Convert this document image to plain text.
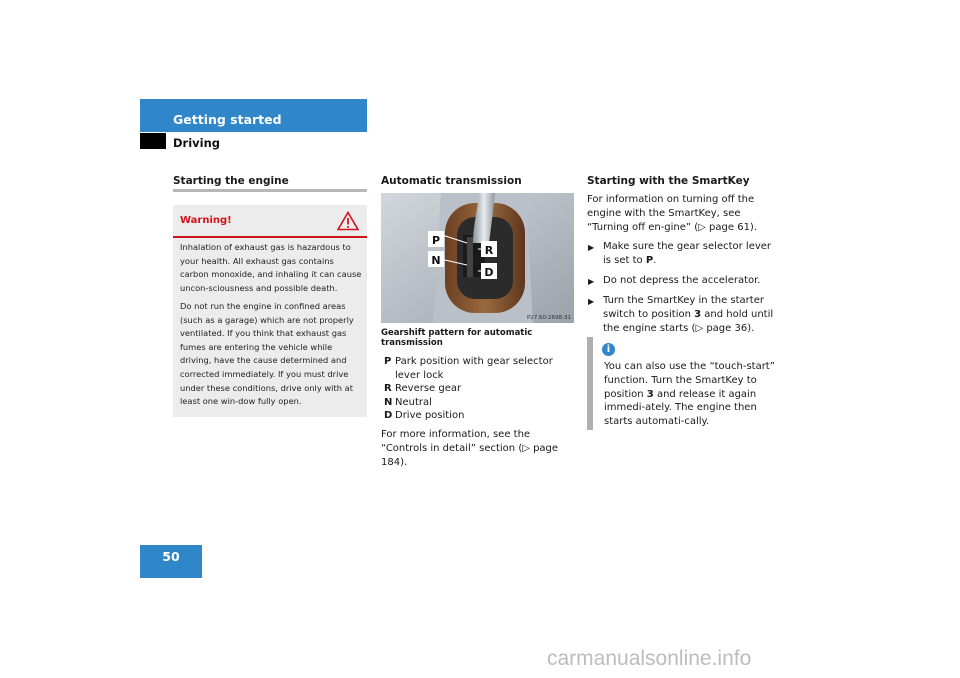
Getting started
Driving
Starting the engine
Warning!
Inhalation of exhaust gas is hazardous to your health. All exhaust gas contains carbon monoxide, and inhaling it can cause uncon-sciousness and possible death.
Do not run the engine in confined areas (such as a garage) which are not properly ventilated. If you think that exhaust gas fumes are entering the vehicle while driving, have the cause determined and corrected immediately. If you must drive under these conditions, drive only with at least one win-dow fully open.
Automatic transmission
P
N
R
D
P27.60-2698-31
Gearshift pattern for automatic transmission
P Park position with gear selector lever lock
R Reverse gear
N Neutral
D Drive position
For more information, see the “Controls in detail” section (▷ page 184).
Starting with the SmartKey
For information on turning off the engine with the SmartKey, see “Turning off en-gine” (▷ page 61).
▶ Make sure the gear selector lever is set to P.
▶ Do not depress the accelerator.
▶ Turn the SmartKey in the starter switch to position 3 and hold until the engine starts (▷ page 36).
i
You can also use the “touch-start” function. Turn the SmartKey to position 3 and release it again immedi-ately. The engine then starts automati-cally.
50
carmanualsonline.info
